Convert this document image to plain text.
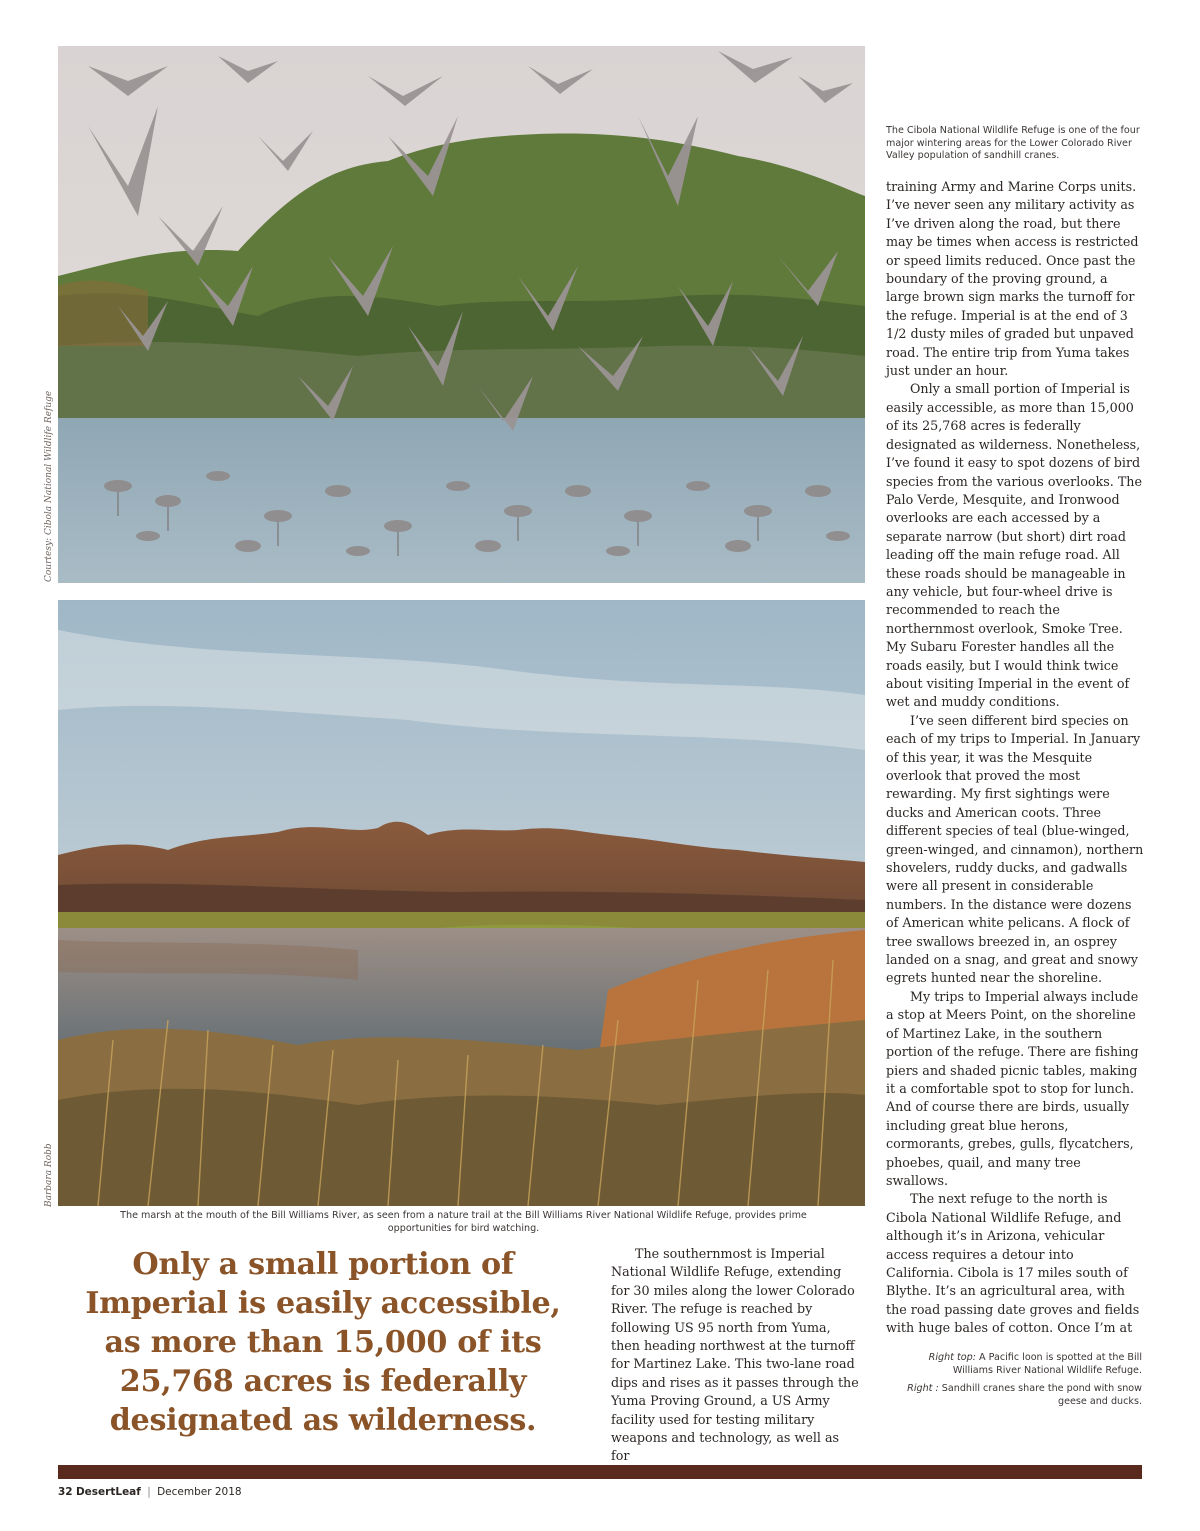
Courtesy: Cibola National Wildlife Refuge
The Cibola National Wildlife Refuge is one of the four major wintering areas for the Lower Colorado River Valley population of sandhill cranes.
Barbara Robb
The marsh at the mouth of the Bill Williams River, as seen from a nature trail at the Bill Williams River National Wildlife Refuge, provides prime opportunities for bird watching.
Only a small portion of Imperial is easily accessible, as more than 15,000 of its 25,768 acres is federally designated as wilderness.

The southernmost is Imperial National Wildlife Refuge, extending for 30 miles along the lower Colorado River. The refuge is reached by following US 95 north from Yuma, then heading northwest at the turnoff for Martinez Lake. This two-lane road dips and rises as it passes through the Yuma Proving Ground, a US Army facility used for testing military weapons and technology, as well as for

training Army and Marine Corps units. I’ve never seen any military activity as I’ve driven along the road, but there may be times when access is restricted or speed limits reduced. Once past the boundary of the proving ground, a large brown sign marks the turnoff for the refuge. Imperial is at the end of 3 1/2 dusty miles of graded but unpaved road. The entire trip from Yuma takes just under an hour.

Only a small portion of Imperial is easily accessible, as more than 15,000 of its 25,768 acres is federally designated as wilderness. Nonetheless, I’ve found it easy to spot dozens of bird species from the various overlooks. The Palo Verde, Mesquite, and Ironwood overlooks are each accessed by a separate narrow (but short) dirt road leading off the main refuge road. All these roads should be manageable in any vehicle, but four-wheel drive is recommended to reach the northernmost overlook, Smoke Tree. My Subaru Forester handles all the roads easily, but I would think twice about visiting Imperial in the event of wet and muddy conditions.

I’ve seen different bird species on each of my trips to Imperial. In January of this year, it was the Mesquite overlook that proved the most rewarding. My first sightings were ducks and American coots. Three different species of teal (blue-winged, green-winged, and cinnamon), northern shovelers, ruddy ducks, and gadwalls were all present in considerable numbers. In the distance were dozens of American white pelicans. A flock of tree swallows breezed in, an osprey landed on a snag, and great and snowy egrets hunted near the shoreline.

My trips to Imperial always include a stop at Meers Point, on the shoreline of Martinez Lake, in the southern portion of the refuge. There are fishing piers and shaded picnic tables, making it a comfortable spot to stop for lunch. And of course there are birds, usually including great blue herons, cormorants, grebes, gulls, flycatchers, phoebes, quail, and many tree swallows.

The next refuge to the north is Cibola National Wildlife Refuge, and although it’s in Arizona, vehicular access requires a detour into California. Cibola is 17 miles south of Blythe. It’s an agricultural area, with the road passing date groves and fields with huge bales of cotton. Once I’m at

Right top: A Pacific loon is spotted at the Bill Williams River National Wildlife Refuge.

Right : Sandhill cranes share the pond with snow geese and ducks.

32 DesertLeaf | December 2018
